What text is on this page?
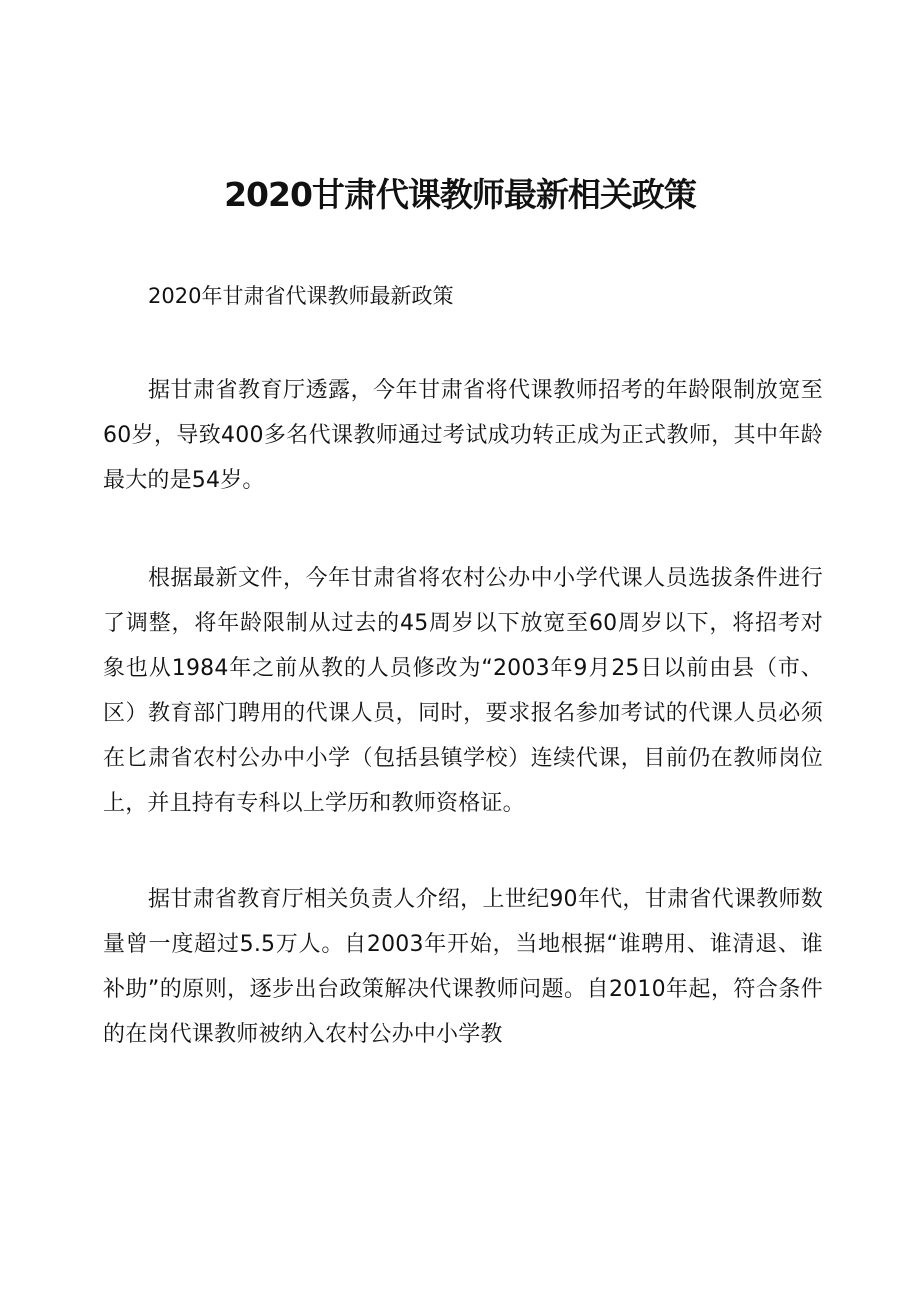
2020甘肃代课教师最新相关政策

2020年甘肃省代课教师最新政策

据甘肃省教育厅透露，今年甘肃省将代课教师招考的年龄限制放宽至60岁，导致400多名代课教师通过考试成功转正成为正式教师，其中年龄最大的是54岁。

根据最新文件，今年甘肃省将农村公办中小学代课人员选拔条件进行了调整，将年龄限制从过去的45周岁以下放宽至60周岁以下，将招考对象也从1984年之前从教的人员修改为“2003年9月25日以前由县（市、区）教育部门聘用的代课人员，同时，要求报名参加考试的代课人员必须在匕肃省农村公办中小学（包括县镇学校）连续代课，目前仍在教师岗位上，并且持有专科以上学历和教师资格证。

据甘肃省教育厅相关负责人介绍，上世纪90年代，甘肃省代课教师数量曾一度超过5.5万人。自2003年开始，当地根据“谁聘用、谁清退、谁补助”的原则，逐步出台政策解决代课教师问题。自2010年起，符合条件的在岗代课教师被纳入农村公办中小学教
